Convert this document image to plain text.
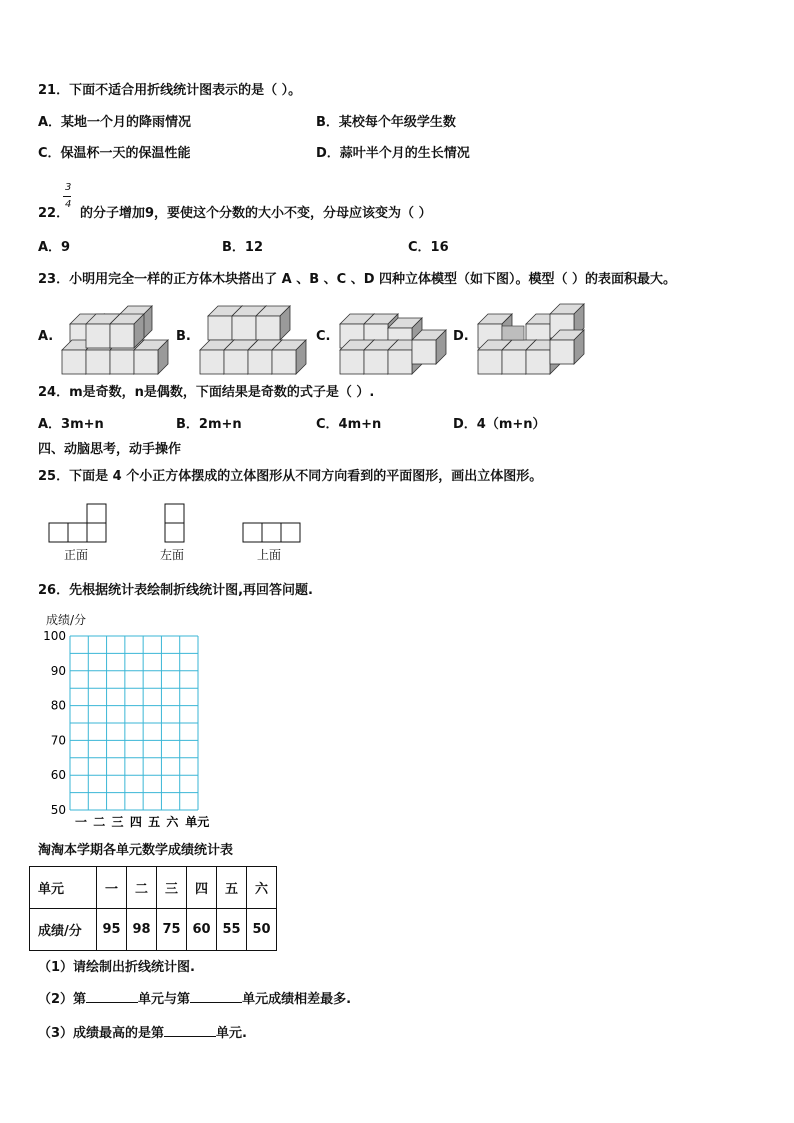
21．下面不适合用折线统计图表示的是（ ）。
A．某地一个月的降雨情况	B．某校每个年级学生数
C．保温杯一天的保温性能	D．蒜叶半个月的生长情况
22．
3
4
的分子增加9，要使这个分数的大小不变，分母应该变为（ ）
A．9	B．12	C．16
23．小明用完全一样的正方体木块搭出了 A 、B 、C 、D 四种立体模型（如下图）。模型（ ）的表面积最大。
A.	B.	C.	D.
24．m是奇数，n是偶数，下面结果是奇数的式子是（ ）.
A．3m+n	B．2m+n	C．4m+n	D．4（m+n）
四、动脑思考，动手操作
25．下面是 4 个小正方体摆成的立体图形从不同方向看到的平面图形，画出立体图形。
正面	左面	上面
26．先根据统计表绘制折线统计图,再回答问题.
成绩/分
100
90
80
70
60
50
一 二 三 四 五 六 单元
淘淘本学期各单元数学成绩统计表
单元	一	二	三	四	五	六
成绩/分	95	98	75	60	55	50
（1）请绘制出折线统计图.
（2）第	单元与第	单元成绩相差最多.
（3）成绩最高的是第	单元.
